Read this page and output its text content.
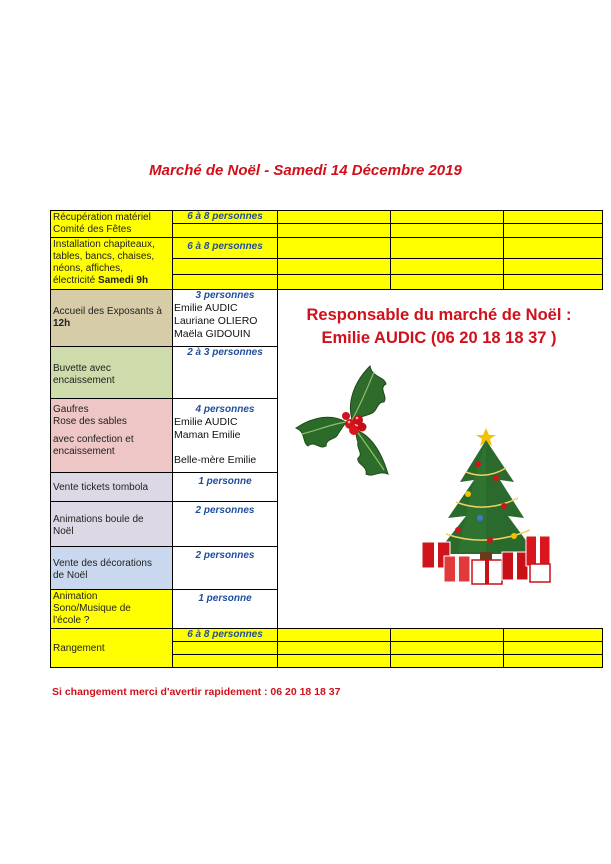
Marché de Noël - Samedi 14 Décembre 2019
Récupération matériel
Comité des Fêtes
6 à 8 personnes
Installation chapiteaux,
tables, bancs, chaises,
néons, affiches,
électricité Samedi 9h
6 à 8 personnes
Accueil des Exposants à
12h
3 personnes
Emilie AUDIC
Lauriane OLIERO
Maëla GIDOUIN
Buvette avec
encaissement
2 à 3 personnes
Gaufres
Rose des sables
avec confection et
encaissement
4 personnes
Emilie AUDIC
Maman Emilie
Belle-mère Emilie
Vente tickets tombola
1 personne
Animations boule de
Noël
2 personnes
Vente des décorations
de Noël
2 personnes
Animation
Sono/Musique de
l'école ?
1 personne
Rangement
6 à 8 personnes
Responsable du marché de Noël :
Emilie AUDIC (06 20 18 18 37 )
Si changement merci d'avertir rapidement : 06 20 18 18 37
